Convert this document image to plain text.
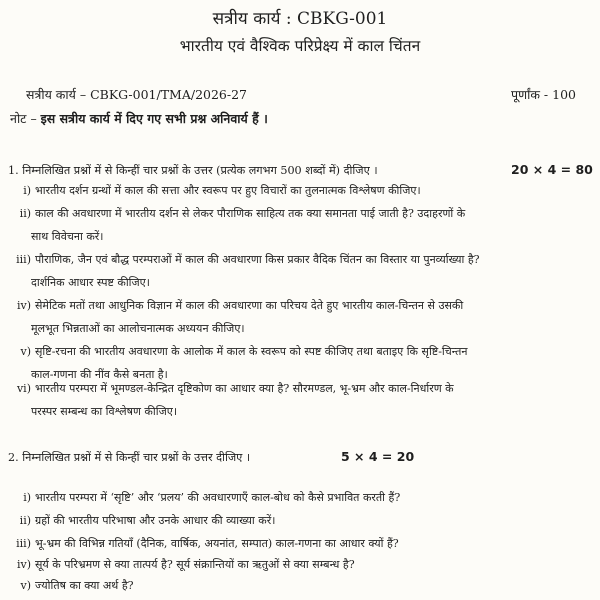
सत्रीय कार्य : CBKG-001
भारतीय एवं वैश्विक परिप्रेक्ष्य में काल चिंतन
सत्रीय कार्य – CBKG-001/TMA/2026-27	पूर्णांक - 100
नोट – इस सत्रीय कार्य में दिए गए सभी प्रश्न अनिवार्य हैं ।
1. निम्नलिखित प्रश्नों में से किन्हीं चार प्रश्नों के उत्तर (प्रत्येक लगभग 500 शब्दों में) दीजिए ।	20 × 4 = 80
i) भारतीय दर्शन ग्रन्थों में काल की सत्ता और स्वरूप पर हुए विचारों का तुलनात्मक विश्लेषण कीजिए।
ii) काल की अवधारणा में भारतीय दर्शन से लेकर पौराणिक साहित्य तक क्या समानता पाई जाती है? उदाहरणों के
साथ विवेचना करें।
iii) पौराणिक, जैन एवं बौद्ध परम्पराओं में काल की अवधारणा किस प्रकार वैदिक चिंतन का विस्तार या पुनर्व्याख्या है?
दार्शनिक आधार स्पष्ट कीजिए।
iv) सेमेटिक मतों तथा आधुनिक विज्ञान में काल की अवधारणा का परिचय देते हुए भारतीय काल-चिन्तन से उसकी
मूलभूत भिन्नताओं का आलोचनात्मक अध्ययन कीजिए।
v) सृष्टि-रचना की भारतीय अवधारणा के आलोक में काल के स्वरूप को स्पष्ट कीजिए तथा बताइए कि सृष्टि-चिन्तन
काल-गणना की नींव कैसे बनता है।
vi) भारतीय परम्परा में भूमण्डल-केन्द्रित दृष्टिकोण का आधार क्या है? सौरमण्डल, भू-भ्रम और काल-निर्धारण के
परस्पर सम्बन्ध का विश्लेषण कीजिए।
2. निम्नलिखित प्रश्नों में से किन्हीं चार प्रश्नों के उत्तर दीजिए ।	5 × 4 = 20
i) भारतीय परम्परा में ‘सृष्टि’ और ‘प्रलय’ की अवधारणाएँ काल-बोध को कैसे प्रभावित करती हैं?
ii) ग्रहों की भारतीय परिभाषा और उनके आधार की व्याख्या करें।
iii) भू-भ्रम की विभिन्न गतियाँ (दैनिक, वार्षिक, अयनांत, सम्पात) काल-गणना का आधार क्यों हैं?
iv) सूर्य के परिभ्रमण से क्या तात्पर्य है? सूर्य संक्रान्तियों का ऋतुओं से क्या सम्बन्ध है?
v) ज्योतिष का क्या अर्थ है?
